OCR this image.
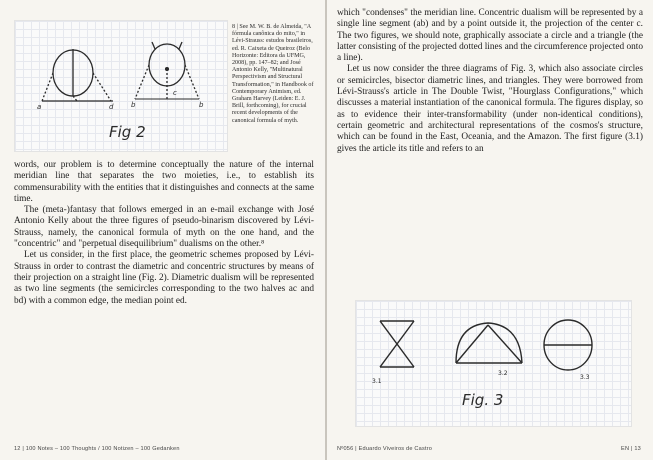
a	d	b	b
c
Fig 2
8 | See M. W. B. de Almeida, "A fórmula canônica do mito," in Lévi-Strauss: estudos brasileiros, ed. R. Caixeta de Queiroz (Belo Horizonte: Editora da UFMG, 2008), pp. 147–82; and José Antonio Kelly, "Multinatural Perspectivism and Structural Transformation," in Handbook of Contemporary Animism, ed. Graham Harvey (Leiden: E. J. Brill, forthcoming), for crucial recent developments of the canonical formula of myth.

words, our problem is to determine conceptually the nature of the internal meridian line that separates the two moieties, i.e., to establish its commensurability with the entities that it distinguishes and connects at the same time.

The (meta-)fantasy that follows emerged in an e-mail exchange with José Antonio Kelly about the three figures of pseudo-binarism discovered by Lévi-Strauss, namely, the canonical formula of myth on the one hand, and the "concentric" and "perpetual disequilibrium" dualisms on the other.⁸

Let us consider, in the first place, the geometric schemes proposed by Lévi-Strauss in order to contrast the diametric and concentric structures by means of their projection on a straight line (Fig. 2). Diametric dualism will be represented as two line segments (the semicircles corresponding to the two halves ac and bd) with a common edge, the median point ed.

12 | 100 Notes – 100 Thoughts / 100 Notizen – 100 Gedanken

which "condenses" the meridian line. Concentric dualism will be represented by a single line segment (ab) and by a point outside it, the projection of the center c. The two figures, we should note, graphically associate a circle and a triangle (the latter consisting of the projected dotted lines and the circumference projected onto a line).

Let us now consider the three diagrams of Fig. 3, which also associate circles or semicircles, bisector diametric lines, and triangles. They were borrowed from Lévi-Strauss's article in The Double Twist, "Hourglass Configurations," which discusses a material instantiation of the canonical formula. The figures display, so as to evidence their inter-transformability (under non-identical conditions), certain geometric and architectural representations of the cosmos's structure, which can be found in the East, Oceania, and the Amazon. The first figure (3.1) gives the article its title and refers to an

3.1
3.2
3.3
Fig. 3
Nº056 | Eduardo Viveiros de Castro	EN | 13
